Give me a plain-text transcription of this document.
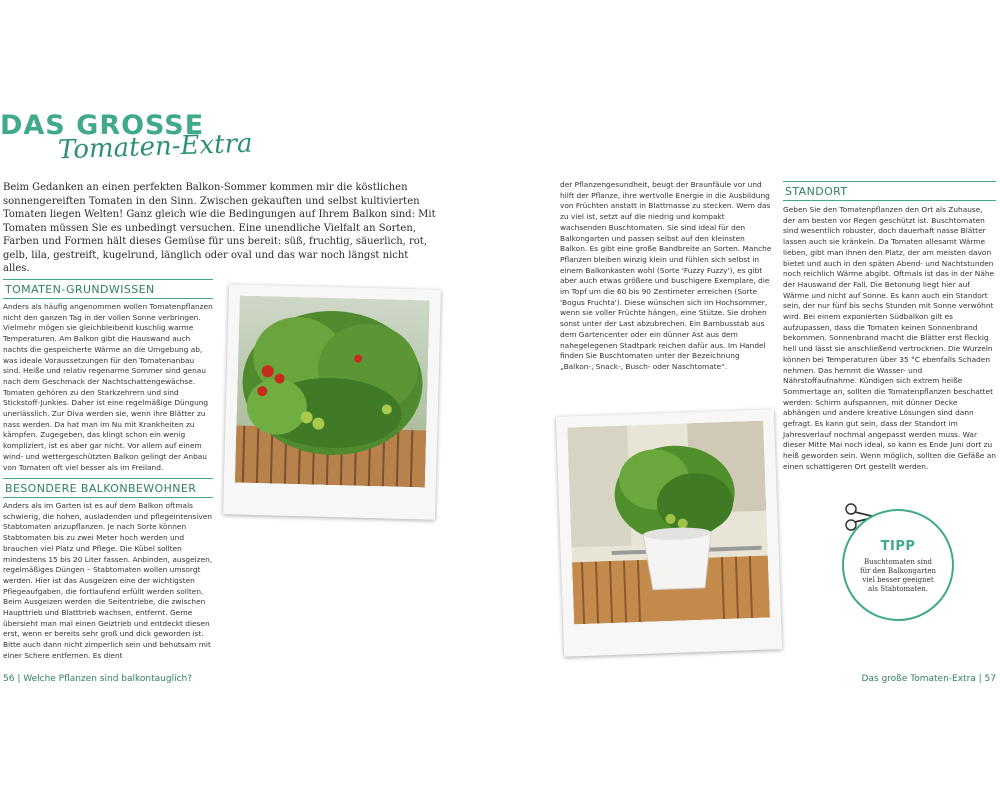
DAS GROSSE
Tomaten-Extra

Beim Gedanken an einen perfekten Balkon-Sommer kommen mir die köstlichen sonnengereiften Tomaten in den Sinn. Zwischen gekauften und selbst kultivierten Tomaten liegen Welten! Ganz gleich wie die Bedingungen auf Ihrem Balkon sind: Mit Tomaten müssen Sie es unbedingt versuchen. Eine unendliche Vielfalt an Sorten, Farben und Formen hält dieses Gemüse für uns bereit: süß, fruchtig, säuerlich, rot, gelb, lila, gestreift, kugelrund, länglich oder oval und das war noch längst nicht alles.

TOMATEN-GRUNDWISSEN

Anders als häufig angenommen wollen Tomatenpflanzen nicht den ganzen Tag in der vollen Sonne verbringen. Vielmehr mögen sie gleichbleibend kuschlig warme Temperaturen. Am Balkon gibt die Hauswand auch nachts die gespeicherte Wärme an die Umgebung ab, was ideale Voraussetzungen für den Tomatenanbau sind. Heiße und relativ regenarme Sommer sind genau nach dem Geschmack der Nachtschattengewächse. Tomaten gehören zu den Starkzehrern und sind Stickstoff-Junkies. Daher ist eine regelmäßige Düngung unerlässlich. Zur Diva werden sie, wenn ihre Blätter zu nass werden. Da hat man im Nu mit Krankheiten zu kämpfen. Zugegeben, das klingt schon ein wenig kompliziert, ist es aber gar nicht. Vor allem auf einem wind- und wettergeschützten Balkon gelingt der Anbau von Tomaten oft viel besser als im Freiland.

BESONDERE BALKONBEWOHNER

Anders als im Garten ist es auf dem Balkon oftmals schwierig, die hohen, ausladenden und pflegeintensiven Stabtomaten anzupflanzen. Je nach Sorte können Stabtomaten bis zu zwei Meter hoch werden und brauchen viel Platz und Pflege. Die Kübel sollten mindestens 15 bis 20 Liter fassen. Anbinden, ausgeizen, regelmäßiges Düngen – Stabtomaten wollen umsorgt werden. Hier ist das Ausgeizen eine der wichtigsten Pflegeaufgaben, die fortlaufend erfüllt werden sollten. Beim Ausgeizen werden die Seitentriebe, die zwischen Haupttrieb und Blatttrieb wachsen, entfernt. Gerne übersieht man mal einen Geiztrieb und entdeckt diesen erst, wenn er bereits sehr groß und dick geworden ist. Bitte auch dann nicht zimperlich sein und behutsam mit einer Schere entfernen. Es dient

der Pflanzengesundheit, beugt der Braunfäule vor und hilft der Pflanze, ihre wertvolle Energie in die Ausbildung von Früchten anstatt in Blattmasse zu stecken. Wem das zu viel ist, setzt auf die niedrig und kompakt wachsenden Buschtomaten. Sie sind ideal für den Balkongarten und passen selbst auf den kleinsten Balkon. Es gibt eine große Bandbreite an Sorten. Manche Pflanzen bleiben winzig klein und fühlen sich selbst in einem Balkonkasten wohl (Sorte 'Fuzzy Fuzzy'), es gibt aber auch etwas größere und buschigere Exemplare, die im Topf um die 60 bis 90 Zentimeter erreichen (Sorte 'Bogus Fruchta'). Diese wünschen sich im Hochsommer, wenn sie voller Früchte hängen, eine Stütze. Sie drohen sonst unter der Last abzubrechen. Ein Bambusstab aus dem Gartencenter oder ein dünner Ast aus dem nahegelegenen Stadtpark reichen dafür aus. Im Handel finden Sie Buschtomaten unter der Bezeichnung „Balkon-, Snack-, Busch- oder Naschtomate“.

STANDORT

Geben Sie den Tomatenpflanzen den Ort als Zuhause, der am besten vor Regen geschützt ist. Buschtomaten sind wesentlich robuster, doch dauerhaft nasse Blätter lassen auch sie kränkeln. Da Tomaten allesamt Wärme lieben, gibt man ihnen den Platz, der am meisten davon bietet und auch in den späten Abend- und Nachtstunden noch reichlich Wärme abgibt. Oftmals ist das in der Nähe der Hauswand der Fall. Die Betonung liegt hier auf Wärme und nicht auf Sonne. Es kann auch ein Standort sein, der nur fünf bis sechs Stunden mit Sonne verwöhnt wird. Bei einem exponierten Südbalkon gilt es aufzupassen, dass die Tomaten keinen Sonnenbrand bekommen. Sonnenbrand macht die Blätter erst fleckig hell und lässt sie anschließend vertrocknen. Die Wurzeln können bei Temperaturen über 35 °C ebenfalls Schaden nehmen. Das hemmt die Wasser- und Nährstoffaufnahme. Kündigen sich extrem heiße Sommertage an, sollten die Tomatenpflanzen beschattet werden: Schirm aufspannen, mit dünner Decke abhängen und andere kreative Lösungen sind dann gefragt. Es kann gut sein, dass der Standort im Jahresverlauf nochmal angepasst werden muss. War dieser Mitte Mai noch ideal, so kann es Ende Juni dort zu heiß geworden sein. Wenn möglich, sollten die Gefäße an einen schattigeren Ort gestellt werden.

TIPP
Buschtomaten sind für den Balkongarten viel besser geeignet als Stabtomaten.
56 | Welche Pflanzen sind balkontauglich?	Das große Tomaten-Extra | 57
